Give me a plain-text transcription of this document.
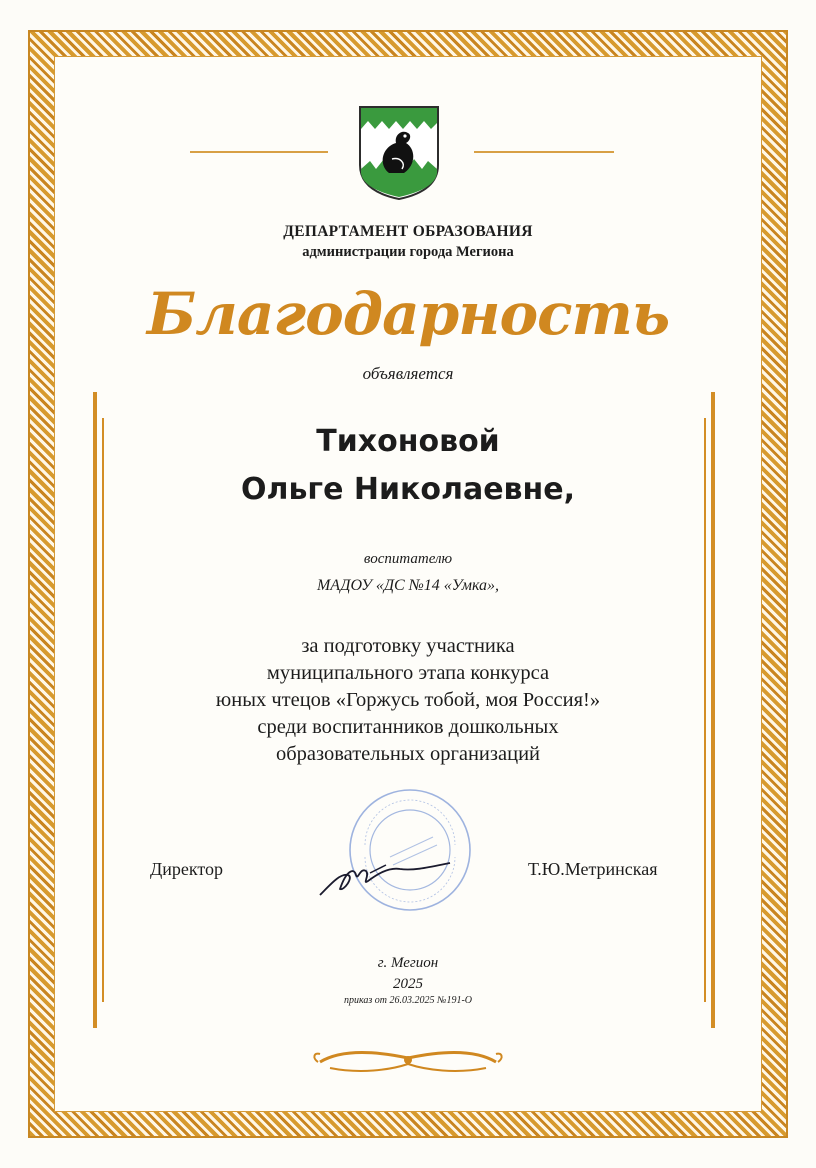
ДЕПАРТАМЕНТ ОБРАЗОВАНИЯ
администрации города Мегиона
Благодарность
объявляется
Тихоновой
Ольге Николаевне,
воспитателю
МАДОУ «ДС №14 «Умка»,
за подготовку участника
муниципального этапа конкурса
юных чтецов «Горжусь тобой, моя Россия!»
среди воспитанников дошкольных
образовательных организаций
Директор	Т.Ю.Метринская
г. Мегион
2025
приказ от 26.03.2025 №191-О
